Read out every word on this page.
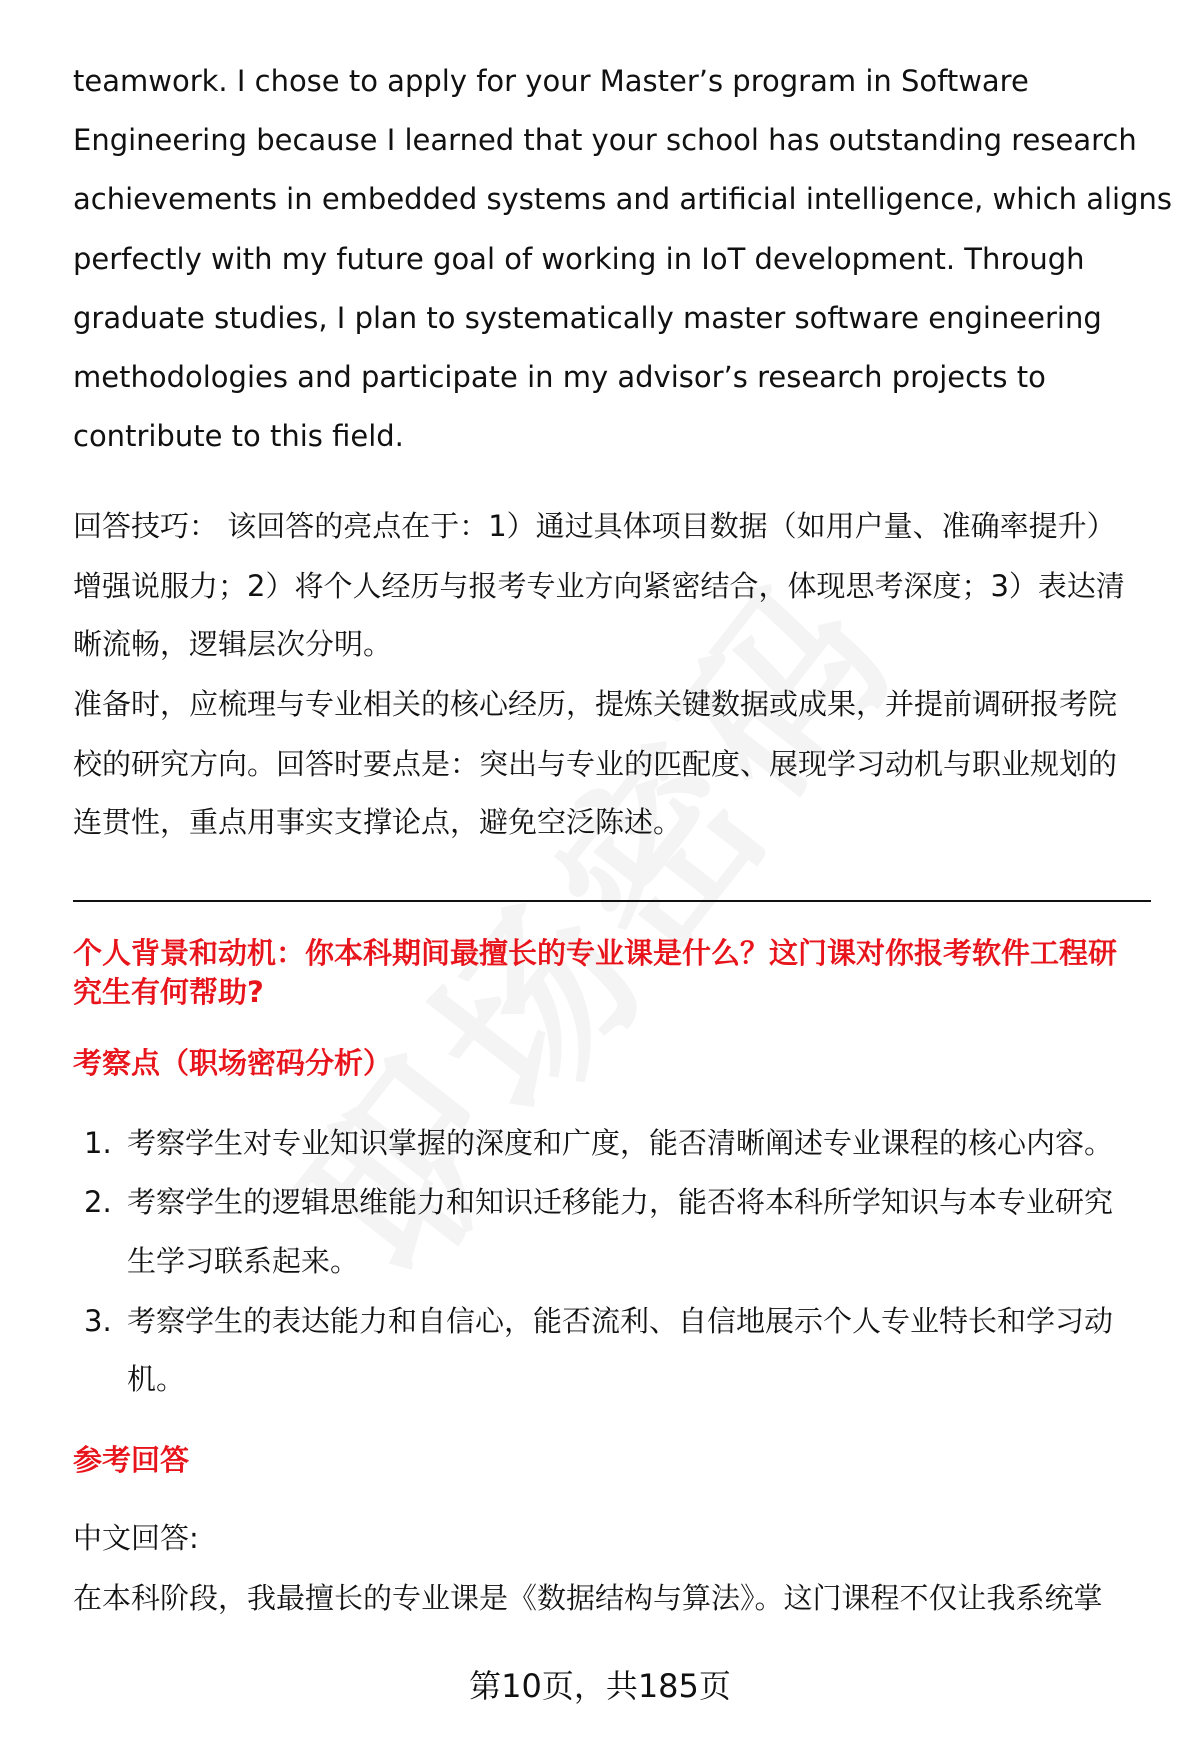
teamwork. I chose to apply for your Master’s program in Software
Engineering because I learned that your school has outstanding research
achievements in embedded systems and artificial intelligence, which aligns
perfectly with my future goal of working in IoT development. Through
graduate studies, I plan to systematically master software engineering
methodologies and participate in my advisor’s research projects to
contribute to this field.
回答技巧： 该回答的亮点在于：1）通过具体项目数据（如用户量、准确率提升）
增强说服力；2）将个人经历与报考专业方向紧密结合，体现思考深度；3）表达清
晰流畅，逻辑层次分明。
准备时，应梳理与专业相关的核心经历，提炼关键数据或成果，并提前调研报考院
校的研究方向。回答时要点是：突出与专业的匹配度、展现学习动机与职业规划的
连贯性，重点用事实支撑论点，避免空泛陈述。
个人背景和动机：你本科期间最擅长的专业课是什么？这门课对你报考软件工程研
究生有何帮助?
考察点（职场密码分析）
1. 考察学生对专业知识掌握的深度和广度，能否清晰阐述专业课程的核心内容。
2. 考察学生的逻辑思维能力和知识迁移能力，能否将本科所学知识与本专业研究
生学习联系起来。
3. 考察学生的表达能力和自信心，能否流利、自信地展示个人专业特长和学习动
机。
参考回答
中文回答:
在本科阶段，我最擅长的专业课是《数据结构与算法》。这门课程不仅让我系统掌
第10页，共185页
